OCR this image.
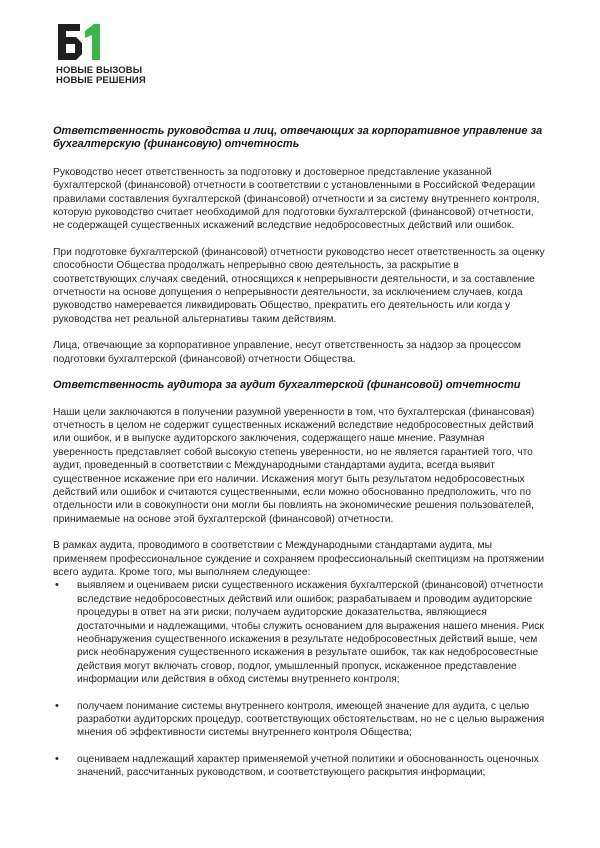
НОВЫЕ ВЫЗОВЫ
НОВЫЕ РЕШЕНИЯ
Ответственность руководства и лиц, отвечающих за корпоративное управление за бухгалтерскую (финансовую) отчетность

Руководство несет ответственность за подготовку и достоверное представление указанной бухгалтерской (финансовой) отчетности в соответствии с установленными в Российской Федерации правилами составления бухгалтерской (финансовой) отчетности и за систему внутреннего контроля, которую руководство считает необходимой для подготовки бухгалтерской (финансовой) отчетности, не содержащей существенных искажений вследствие недобросовестных действий или ошибок.

При подготовке бухгалтерской (финансовой) отчетности руководство несет ответственность за оценку способности Общества продолжать непрерывно свою деятельность, за раскрытие в соответствующих случаях сведений, относящихся к непрерывности деятельности, и за составление отчетности на основе допущения о непрерывности деятельности, за исключением случаев, когда руководство намеревается ликвидировать Общество, прекратить его деятельность или когда у руководства нет реальной альтернативы таким действиям.

Лица, отвечающие за корпоративное управление, несут ответственность за надзор за процессом подготовки бухгалтерской (финансовой) отчетности Общества.

Ответственность аудитора за аудит бухгалтерской (финансовой) отчетности

Наши цели заключаются в получении разумной уверенности в том, что бухгалтерская (финансовая) отчетность в целом не содержит существенных искажений вследствие недобросовестных действий или ошибок, и в выпуске аудиторского заключения, содержащего наше мнение. Разумная уверенность представляет собой высокую степень уверенности, но не является гарантией того, что аудит, проведенный в соответствии с Международными стандартами аудита, всегда выявит существенное искажение при его наличии. Искажения могут быть результатом недобросовестных действий или ошибок и считаются существенными, если можно обоснованно предположить, что по отдельности или в совокупности они могли бы повлиять на экономические решения пользователей, принимаемые на основе этой бухгалтерской (финансовой) отчетности.

В рамках аудита, проводимого в соответствии с Международными стандартами аудита, мы применяем профессиональное суждение и сохраняем профессиональный скептицизм на протяжении всего аудита. Кроме того, мы выполняем следующее:

• выявляем и оцениваем риски существенного искажения бухгалтерской (финансовой) отчетности вследствие недобросовестных действий или ошибок; разрабатываем и проводим аудиторские процедуры в ответ на эти риски; получаем аудиторские доказательства, являющиеся достаточными и надлежащими, чтобы служить основанием для выражения нашего мнения. Риск необнаружения существенного искажения в результате недобросовестных действий выше, чем риск необнаружения существенного искажения в результате ошибок, так как недобросовестные действия могут включать сговор, подлог, умышленный пропуск, искаженное представление информации или действия в обход системы внутреннего контроля;
• получаем понимание системы внутреннего контроля, имеющей значение для аудита, с целью разработки аудиторских процедур, соответствующих обстоятельствам, но не с целью выражения мнения об эффективности системы внутреннего контроля Общества;
• оцениваем надлежащий характер применяемой учетной политики и обоснованность оценочных значений, рассчитанных руководством, и соответствующего раскрытия информации;
